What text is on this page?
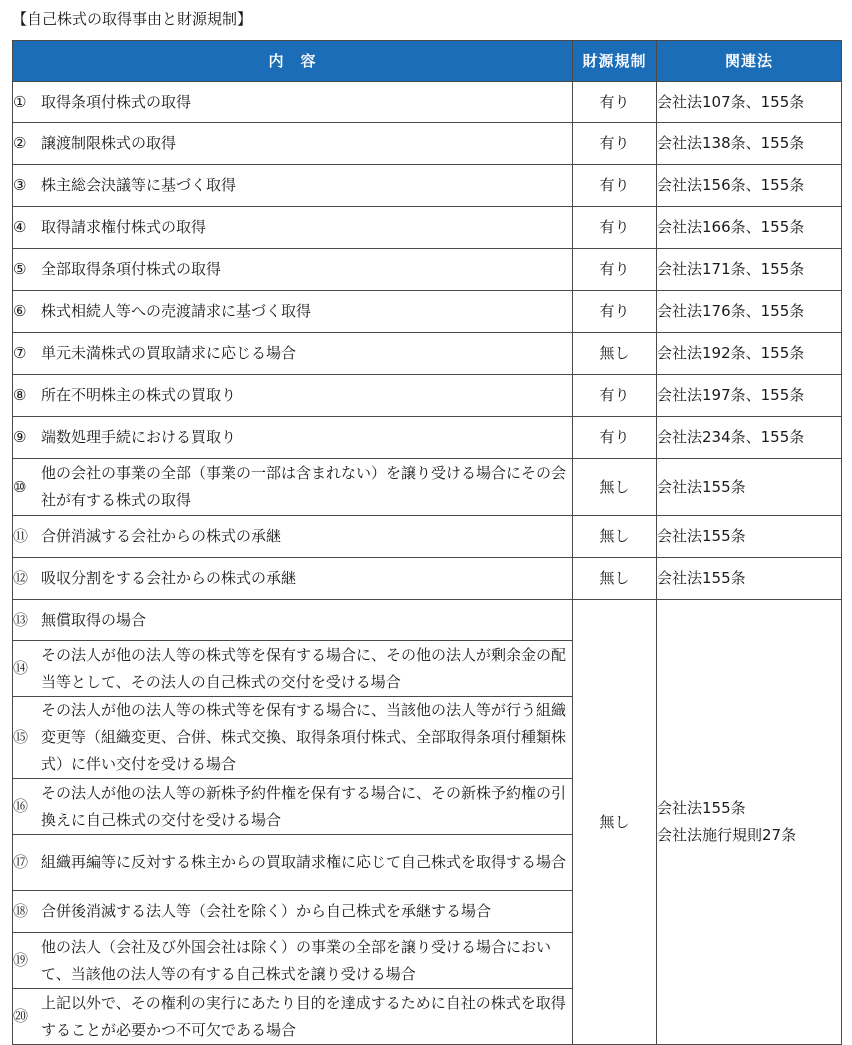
【自己株式の取得事由と財源規制】
内　容	財源規制	関連法

① 取得条項付株式の取得	有り	会社法107条、155条

② 譲渡制限株式の取得	有り	会社法138条、155条

③ 株主総会決議等に基づく取得	有り	会社法156条、155条

④ 取得請求権付株式の取得	有り	会社法166条、155条

⑤ 全部取得条項付株式の取得	有り	会社法171条、155条

⑥ 株式相続人等への売渡請求に基づく取得	有り	会社法176条、155条

⑦ 単元未満株式の買取請求に応じる場合	無し	会社法192条、155条

⑧ 所在不明株主の株式の買取り	有り	会社法197条、155条

⑨ 端数処理手続における買取り	有り	会社法234条、155条

⑩
他の会社の事業の全部（事業の一部は含まれない）を譲り受ける場合にその会社が有する株式の取得	無し	会社法155条

⑪ 合併消滅する会社からの株式の承継	無し	会社法155条

⑫ 吸収分割をする会社からの株式の承継	無し	会社法155条

⑬ 無償取得の場合	無し	会社法155条
会社法施行規則27条

⑭
その法人が他の法人等の株式等を保有する場合に、その他の法人が剰余金の配当等として、その法人の自己株式の交付を受ける場合		

⑮
その法人が他の法人等の株式等を保有する場合に、当該他の法人等が行う組織変更等（組織変更、合併、株式交換、取得条項付株式、全部取得条項付種類株式）に伴い交付を受ける場合		

⑯
その法人が他の法人等の新株予約件権を保有する場合に、その新株予約権の引換えに自己株式の交付を受ける場合		

⑰ 組織再編等に反対する株主からの買取請求権に応じて自己株式を取得する場合		

⑱ 合併後消滅する法人等（会社を除く）から自己株式を承継する場合		

⑲
他の法人（会社及び外国会社は除く）の事業の全部を譲り受ける場合において、当該他の法人等の有する自己株式を譲り受ける場合		

⑳
上記以外で、その権利の実行にあたり目的を達成するために自社の株式を取得することが必要かつ不可欠である場合		
